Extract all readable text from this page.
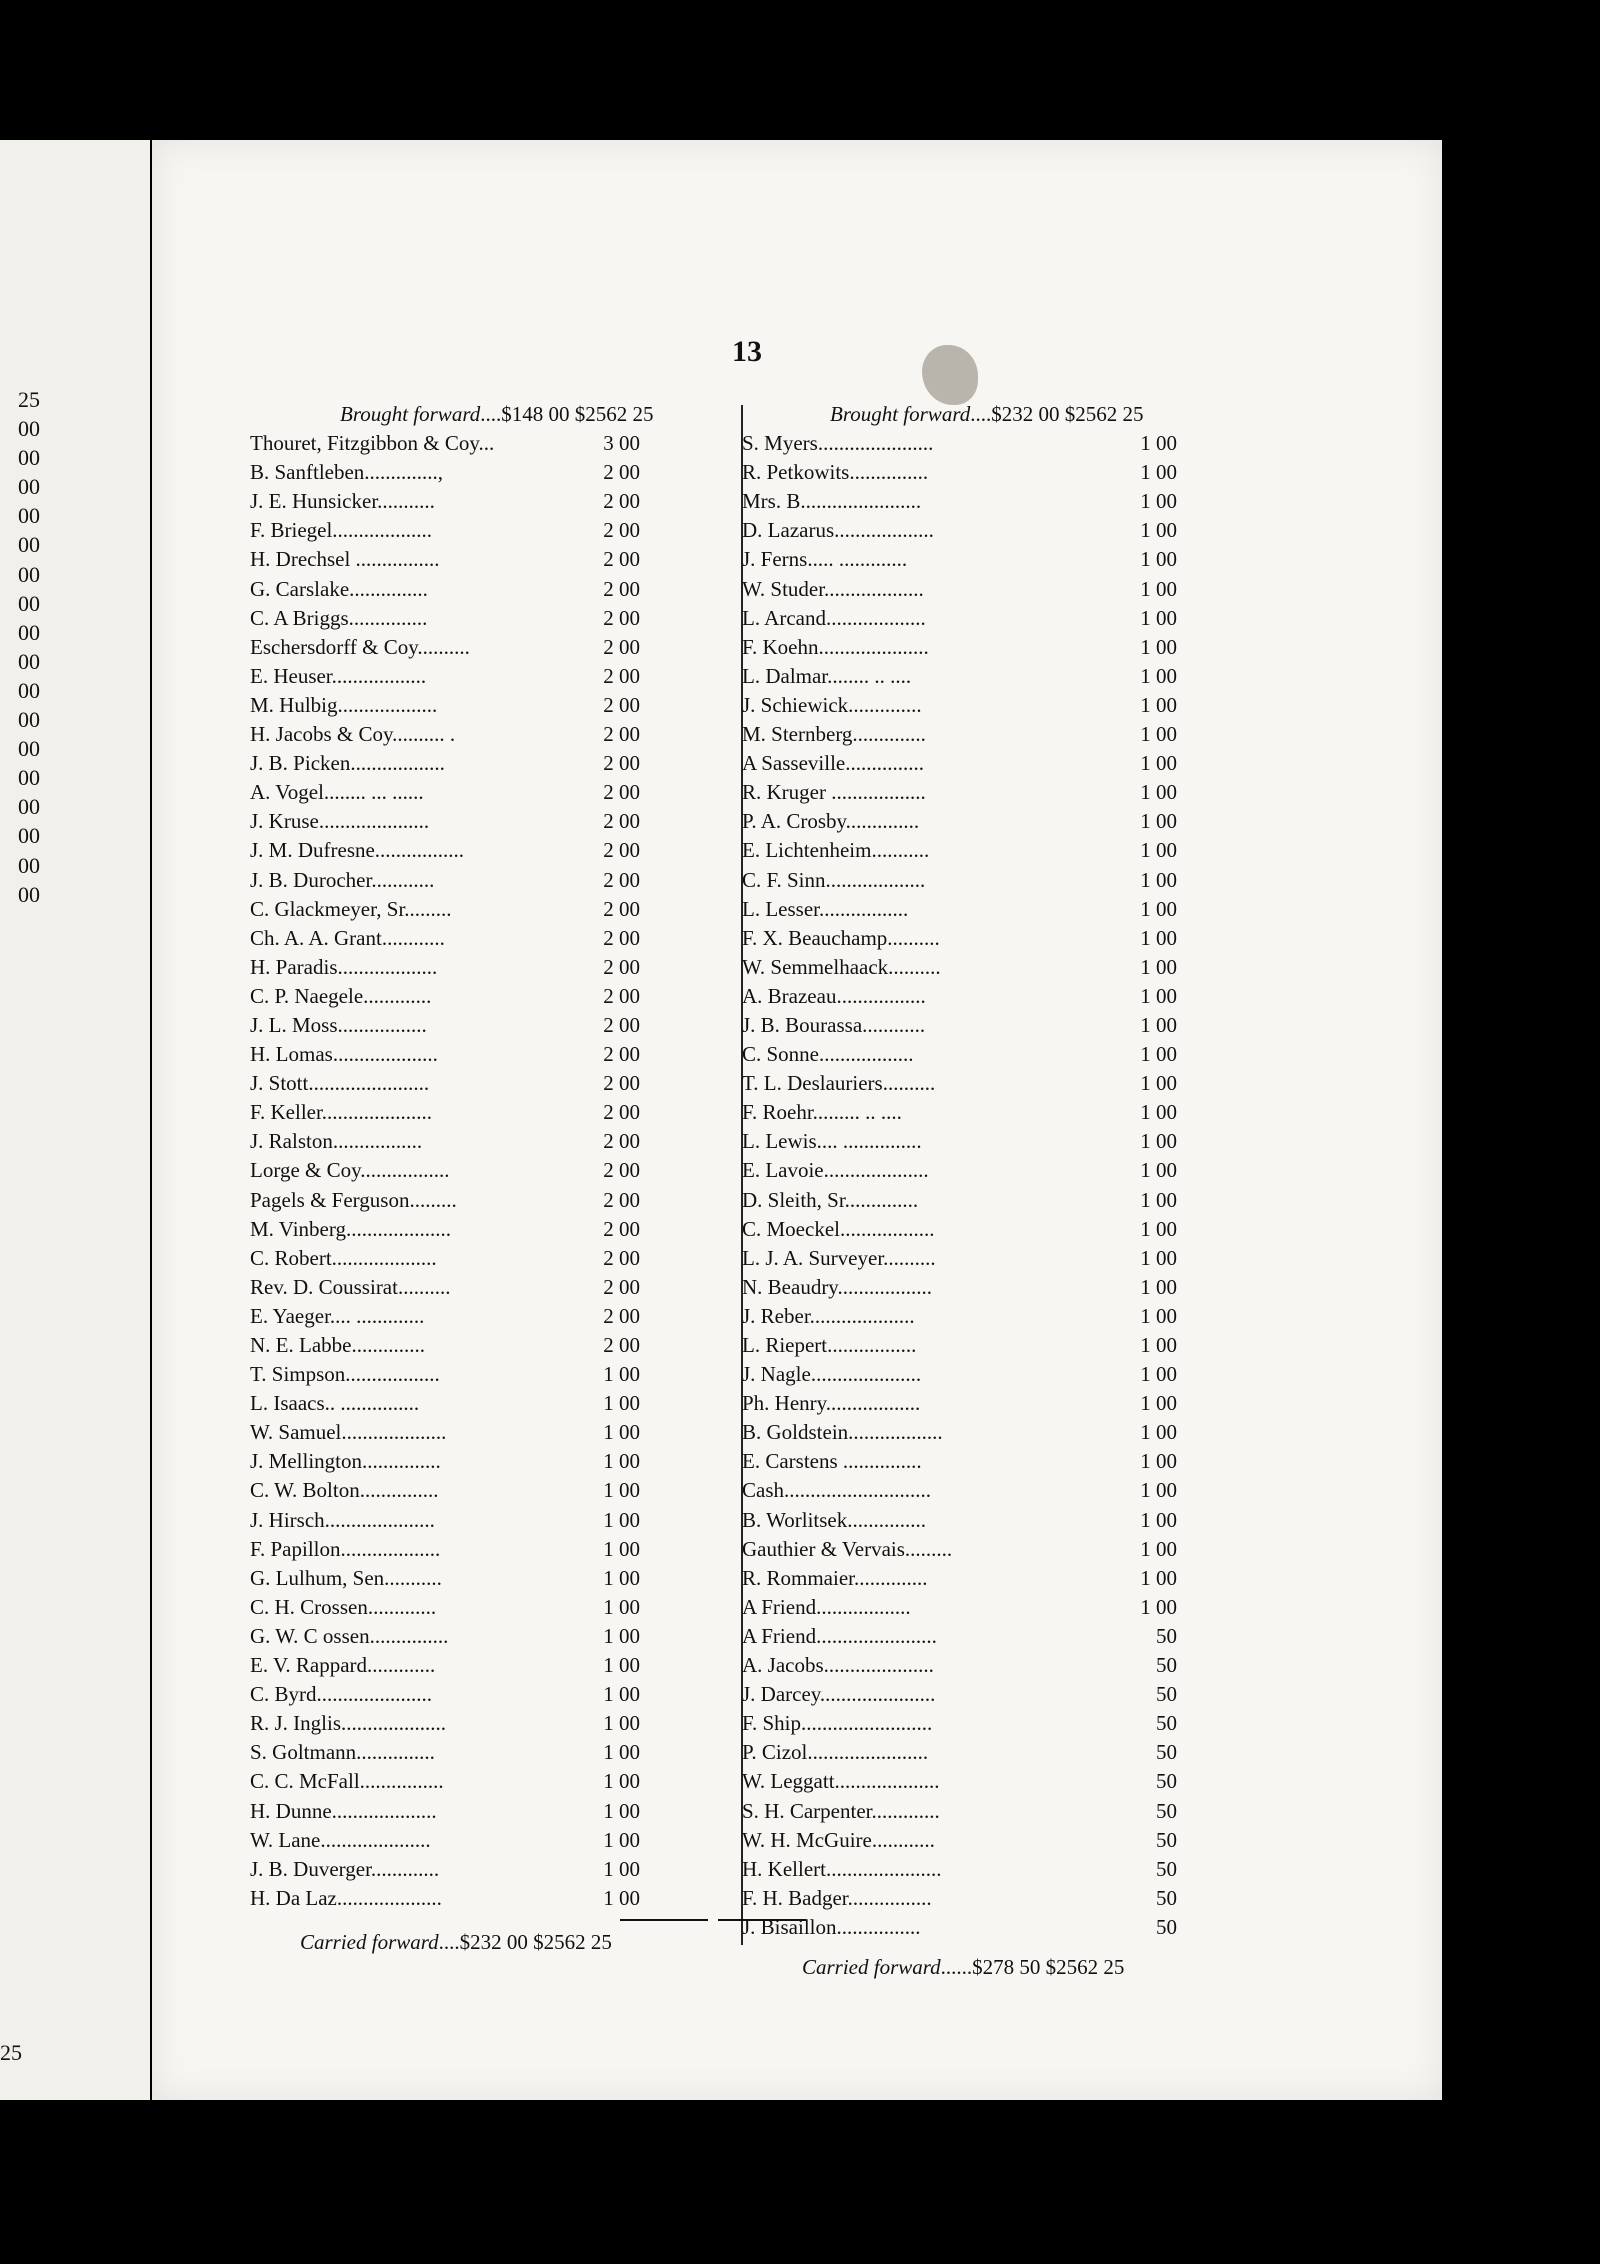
25
00
00
00
00
00
00
00
00
00
00
00
00
00
00
00
00
00
25
13
Brought forward....$148 00 $2562 25
Thouret, Fitzgibbon & Coy...	3 00
B. Sanftleben..............,	2 00
J. E. Hunsicker...........	2 00
F. Briegel...................	2 00
H. Drechsel ................	2 00
G. Carslake...............	2 00
C. A Briggs...............	2 00
Eschersdorff & Coy..........	2 00
E. Heuser..................	2 00
M. Hulbig...................	2 00
H. Jacobs & Coy.......... .	2 00
J. B. Picken..................	2 00
A. Vogel........ ... ......	2 00
J. Kruse.....................	2 00
J. M. Dufresne.................	2 00
J. B. Durocher............	2 00
C. Glackmeyer, Sr.........	2 00
Ch. A. A. Grant............	2 00
H. Paradis...................	2 00
C. P. Naegele.............	2 00
J. L. Moss.................	2 00
H. Lomas....................	2 00
J. Stott.......................	2 00
F. Keller.....................	2 00
J. Ralston.................	2 00
Lorge & Coy.................	2 00
Pagels & Ferguson.........	2 00
M. Vinberg....................	2 00
C. Robert....................	2 00
Rev. D. Coussirat..........	2 00
E. Yaeger.... .............	2 00
N. E. Labbe..............	2 00
T. Simpson..................	1 00
L. Isaacs.. ...............	1 00
W. Samuel....................	1 00
J. Mellington...............	1 00
C. W. Bolton...............	1 00
J. Hirsch.....................	1 00
F. Papillon...................	1 00
G. Lulhum, Sen...........	1 00
C. H. Crossen.............	1 00
G. W. C ossen...............	1 00
E. V. Rappard.............	1 00
C. Byrd......................	1 00
R. J. Inglis....................	1 00
S. Goltmann...............	1 00
C. C. McFall................	1 00
H. Dunne....................	1 00
W. Lane.....................	1 00
J. B. Duverger.............	1 00
H. Da Laz....................	1 00
Carried forward....$232 00 $2562 25
Brought forward....$232 00 $2562 25
S. Myers......................	1 00
R. Petkowits...............	1 00
Mrs. B.......................	1 00
D. Lazarus...................	1 00
J. Ferns..... .............	1 00
W. Studer...................	1 00
L. Arcand...................	1 00
F. Koehn.....................	1 00
L. Dalmar........ .. ....	1 00
J. Schiewick..............	1 00
M. Sternberg..............	1 00
A Sasseville...............	1 00
R. Kruger ..................	1 00
P. A. Crosby..............	1 00
E. Lichtenheim...........	1 00
C. F. Sinn...................	1 00
L. Lesser.................	1 00
F. X. Beauchamp..........	1 00
W. Semmelhaack..........	1 00
A. Brazeau.................	1 00
J. B. Bourassa............	1 00
C. Sonne..................	1 00
T. L. Deslauriers..........	1 00
F. Roehr......... .. ....	1 00
L. Lewis.... ...............	1 00
E. Lavoie....................	1 00
D. Sleith, Sr..............	1 00
C. Moeckel..................	1 00
L. J. A. Surveyer..........	1 00
N. Beaudry..................	1 00
J. Reber....................	1 00
L. Riepert.................	1 00
J. Nagle.....................	1 00
Ph. Henry..................	1 00
B. Goldstein..................	1 00
E. Carstens ...............	1 00
Cash............................	1 00
B. Worlitsek...............	1 00
Gauthier & Vervais.........	1 00
R. Rommaier..............	1 00
A Friend..................	1 00
A Friend.......................	50
A. Jacobs.....................	50
J. Darcey......................	50
F. Ship.........................	50
P. Cizol.......................	50
W. Leggatt....................	50
S. H. Carpenter.............	50
W. H. McGuire............	50
H. Kellert......................	50
F. H. Badger................	50
J. Bisaillon................	50
Carried forward......$278 50 $2562 25
